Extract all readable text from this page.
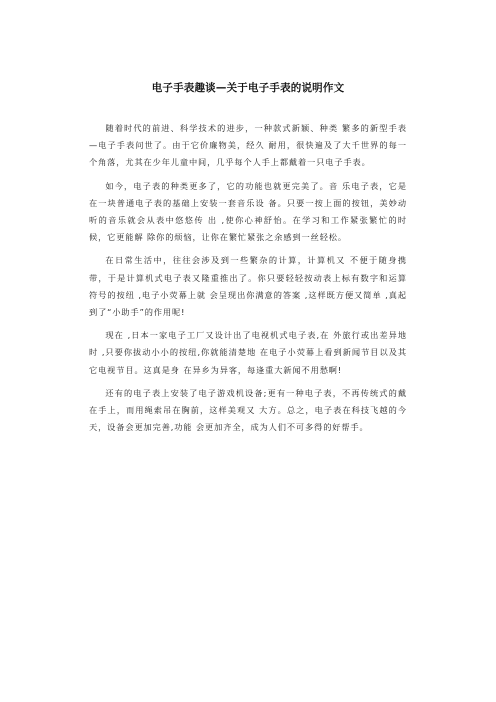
电子手表趣谈—关于电子手表的说明作文

随着时代的前进、科学技术的进步，一种款式新颖、种类 繁多的新型手表—电子手表问世了。由于它价廉物美，经久 耐用，很快遍及了大千世界的每一个角落，尤其在少年儿童中间，几乎每个人手上都戴着一只电子手表。

如今，电子表的种类更多了，它的功能也就更完美了。音 乐电子表，它是在一块普通电子表的基础上安装一套音乐设 备。只要一按上面的按钮，美妙动听的音乐就会从表中悠悠传 出 ,使你心神舒怡。在学习和工作紧张繁忙的时候，它更能解 除你的烦恼，让你在繁忙紧张之余感到一丝轻松。

在日常生活中，往往会涉及到一些繁杂的计算，计算机又 不便于随身携带，于是计算机式电子表又隆重推出了。你只要轻轻按动表上标有数字和运算符号的按纽 ,电子小荧幕上就 会呈现出你满意的答案 ,这样既方便又简单 ,真起到了“小助手”的作用呢!

现在 ,日本一家电子工厂又设计出了电视机式电子表,在 外旅行或出差异地时 ,只要你拔动小小的按纽,你就能清楚地 在电子小荧幕上看到新闻节目以及其它电视节目。这真是身 在异乡为异客，每逢重大新闻不用愁啊!

还有的电子表上安装了电子游戏机设备;更有一种电子表，不再传统式的戴在手上，而用绳索吊在胸前，这样美观又 大方。总之，电子表在科技飞越的今天，设备会更加完善,功能 会更加齐全，成为人们不可多得的好帮手。
